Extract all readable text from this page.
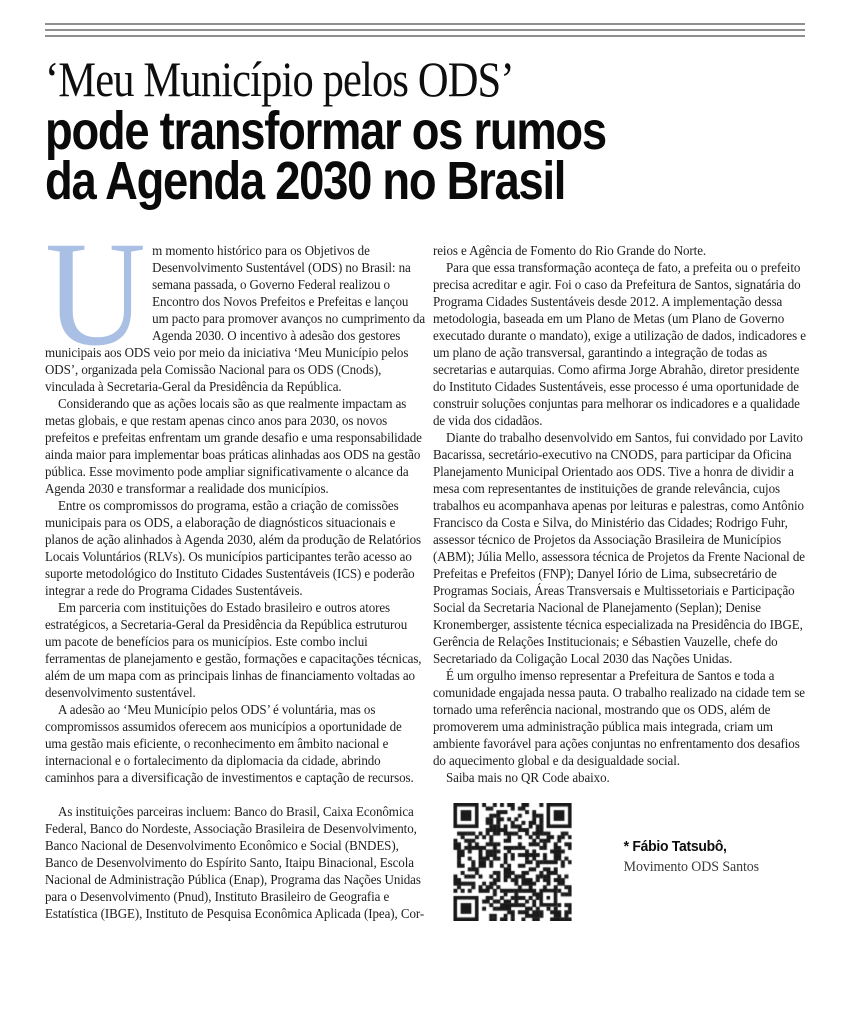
‘Meu Município pelos ODS’
pode transformar os rumos
da Agenda 2030 no Brasil

Um momento histórico para os Objetivos de Desenvolvimento Sustentável (ODS) no Brasil: na semana passada, o Governo Federal realizou o Encontro dos Novos Prefeitos e Prefeitas e lançou um pacto para promover avanços no cumprimento da Agenda 2030. O incentivo à adesão dos gestores municipais aos ODS veio por meio da iniciativa ‘Meu Município pelos ODS’, organizada pela Comissão Nacional para os ODS (Cnods), vinculada à Secretaria-Geral da Presidência da República.

Considerando que as ações locais são as que realmente impactam as metas globais, e que restam apenas cinco anos para 2030, os novos prefeitos e prefeitas enfrentam um grande desafio e uma responsabilidade ainda maior para implementar boas práticas alinhadas aos ODS na gestão pública. Esse movimento pode ampliar significativamente o alcance da Agenda 2030 e transformar a realidade dos municípios.

Entre os compromissos do programa, estão a criação de comissões municipais para os ODS, a elaboração de diagnósticos situacionais e planos de ação alinhados à Agenda 2030, além da produção de Relatórios Locais Voluntários (RLVs). Os municípios participantes terão acesso ao suporte metodológico do Instituto Cidades Sustentáveis (ICS) e poderão integrar a rede do Programa Cidades Sustentáveis.

Em parceria com instituições do Estado brasileiro e outros atores estratégicos, a Secretaria-Geral da Presidência da República estruturou um pacote de benefícios para os municípios. Este combo inclui ferramentas de planejamento e gestão, formações e capacitações técnicas, além de um mapa com as principais linhas de financiamento voltadas ao desenvolvimento sustentável.

A adesão ao ‘Meu Município pelos ODS’ é voluntária, mas os compromissos assumidos oferecem aos municípios a oportunidade de uma gestão mais eficiente, o reconhecimento em âmbito nacional e internacional e o fortalecimento da diplomacia da cidade, abrindo caminhos para a diversificação de investimentos e captação de recursos.

As instituições parceiras incluem: Banco do Brasil, Caixa Econômica Federal, Banco do Nordeste, Associação Brasileira de Desenvolvimento, Banco Nacional de Desenvolvimento Econômico e Social (BNDES), Banco de Desenvolvimento do Espírito Santo, Itaipu Binacional, Escola Nacional de Administração Pública (Enap), Programa das Nações Unidas para o Desenvolvimento (Pnud), Instituto Brasileiro de Geografia e Estatística (IBGE), Instituto de Pesquisa Econômica Aplicada (Ipea), Cor-

reios e Agência de Fomento do Rio Grande do Norte.

Para que essa transformação aconteça de fato, a prefeita ou o prefeito precisa acreditar e agir. Foi o caso da Prefeitura de Santos, signatária do Programa Cidades Sustentáveis desde 2012. A implementação dessa metodologia, baseada em um Plano de Metas (um Plano de Governo executado durante o mandato), exige a utilização de dados, indicadores e um plano de ação transversal, garantindo a integração de todas as secretarias e autarquias. Como afirma Jorge Abrahão, diretor presidente do Instituto Cidades Sustentáveis, esse processo é uma oportunidade de construir soluções conjuntas para melhorar os indicadores e a qualidade de vida dos cidadãos.

Diante do trabalho desenvolvido em Santos, fui convidado por Lavito Bacarissa, secretário-executivo na CNODS, para participar da Oficina Planejamento Municipal Orientado aos ODS. Tive a honra de dividir a mesa com representantes de instituições de grande relevância, cujos trabalhos eu acompanhava apenas por leituras e palestras, como Antônio Francisco da Costa e Silva, do Ministério das Cidades; Rodrigo Fuhr, assessor técnico de Projetos da Associação Brasileira de Municípios (ABM); Júlia Mello, assessora técnica de Projetos da Frente Nacional de Prefeitas e Prefeitos (FNP); Danyel Iório de Lima, subsecretário de Programas Sociais, Áreas Transversais e Multissetoriais e Participação Social da Secretaria Nacional de Planejamento (Seplan); Denise Kronemberger, assistente técnica especializada na Presidência do IBGE, Gerência de Relações Institucionais; e Sébastien Vauzelle, chefe do Secretariado da Coligação Local 2030 das Nações Unidas.

É um orgulho imenso representar a Prefeitura de Santos e toda a comunidade engajada nessa pauta. O trabalho realizado na cidade tem se tornado uma referência nacional, mostrando que os ODS, além de promoverem uma administração pública mais integrada, criam um ambiente favorável para ações conjuntas no enfrentamento dos desafios do aquecimento global e da desigualdade social.

Saiba mais no QR Code abaixo.

* Fábio Tatsubô,
Movimento ODS Santos
